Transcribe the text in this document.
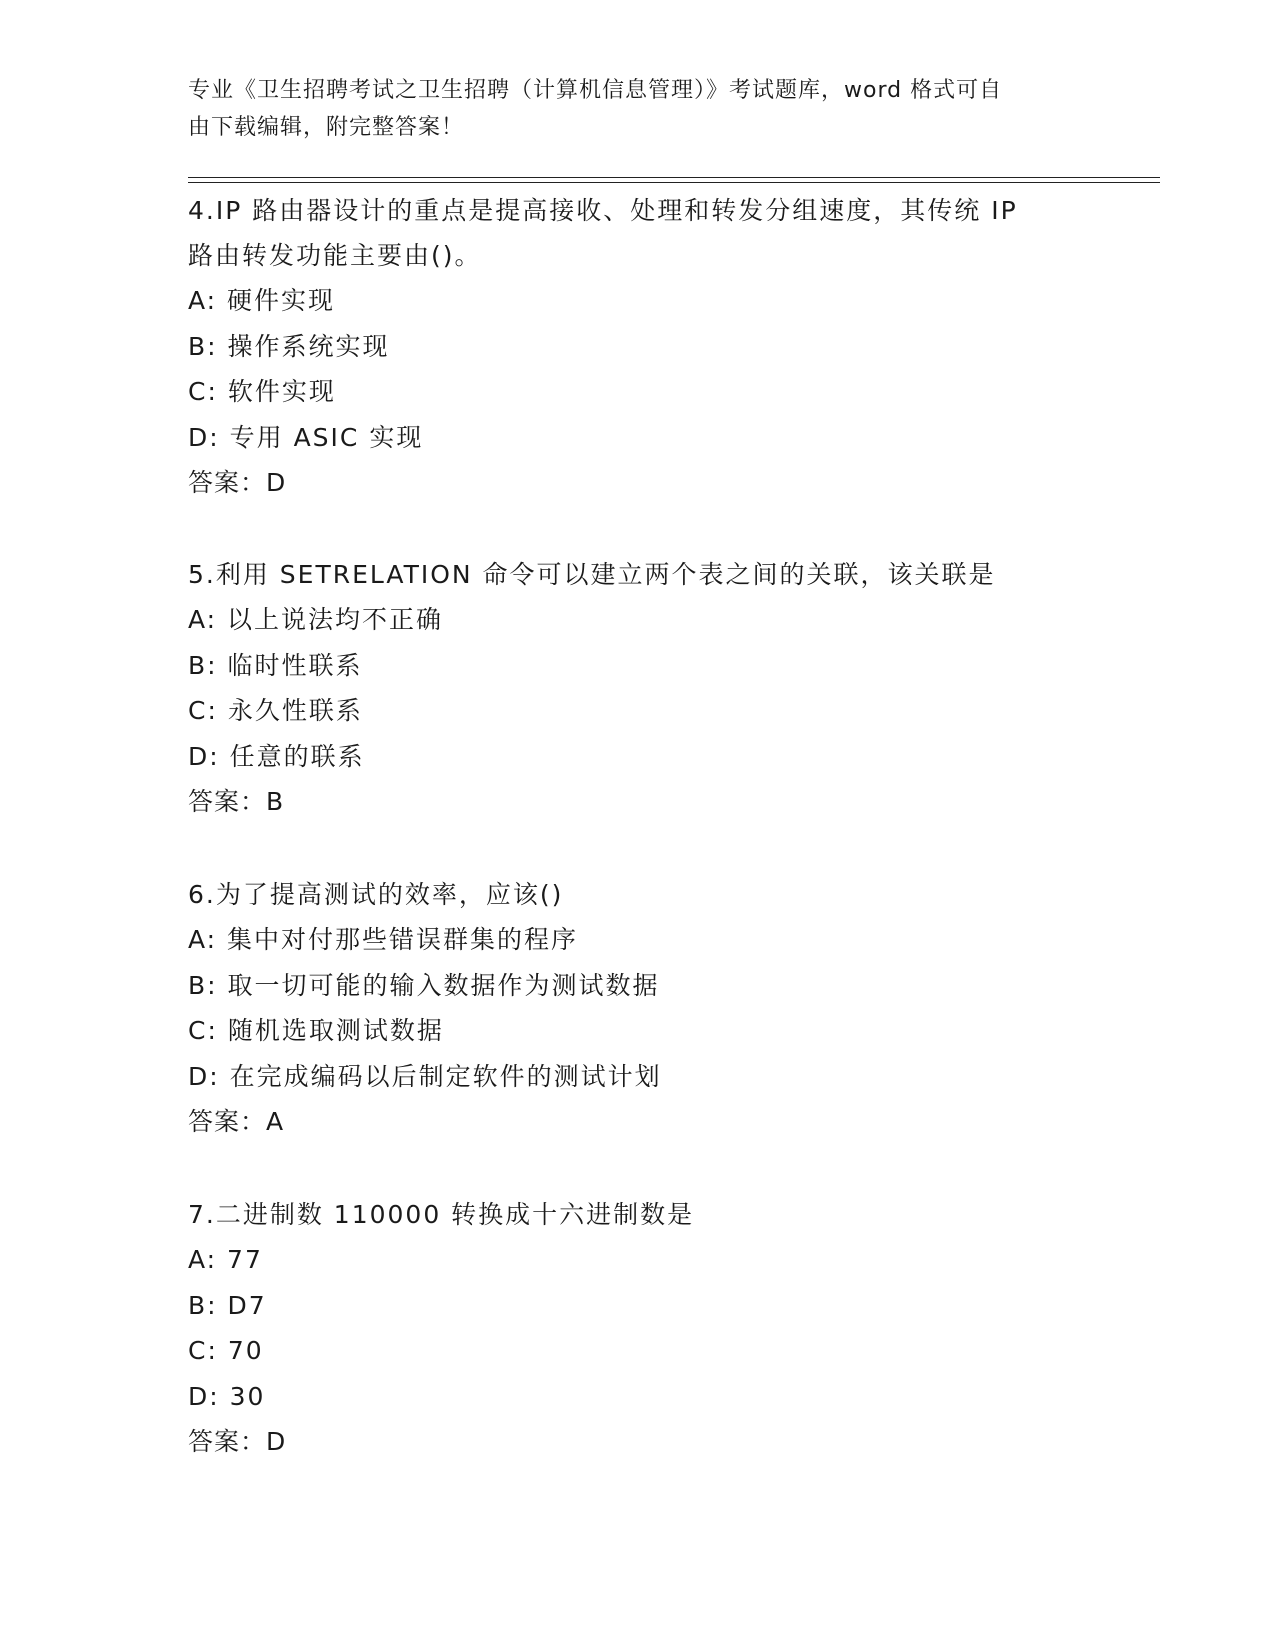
专业《卫生招聘考试之卫生招聘（计算机信息管理）》考试题库，word 格式可自
由下载编辑，附完整答案！

4.IP 路由器设计的重点是提高接收、处理和转发分组速度，其传统 IP

路由转发功能主要由()。

A: 硬件实现

B: 操作系统实现

C: 软件实现

D: 专用 ASIC 实现

答案：D

5.利用 SETRELATION 命令可以建立两个表之间的关联，该关联是

A: 以上说法均不正确

B: 临时性联系

C: 永久性联系

D: 任意的联系

答案：B

6.为了提高测试的效率，应该()

A: 集中对付那些错误群集的程序

B: 取一切可能的输入数据作为测试数据

C: 随机选取测试数据

D: 在完成编码以后制定软件的测试计划

答案：A

7.二进制数 110000 转换成十六进制数是

A: 77

B: D7

C: 70

D: 30

答案：D
